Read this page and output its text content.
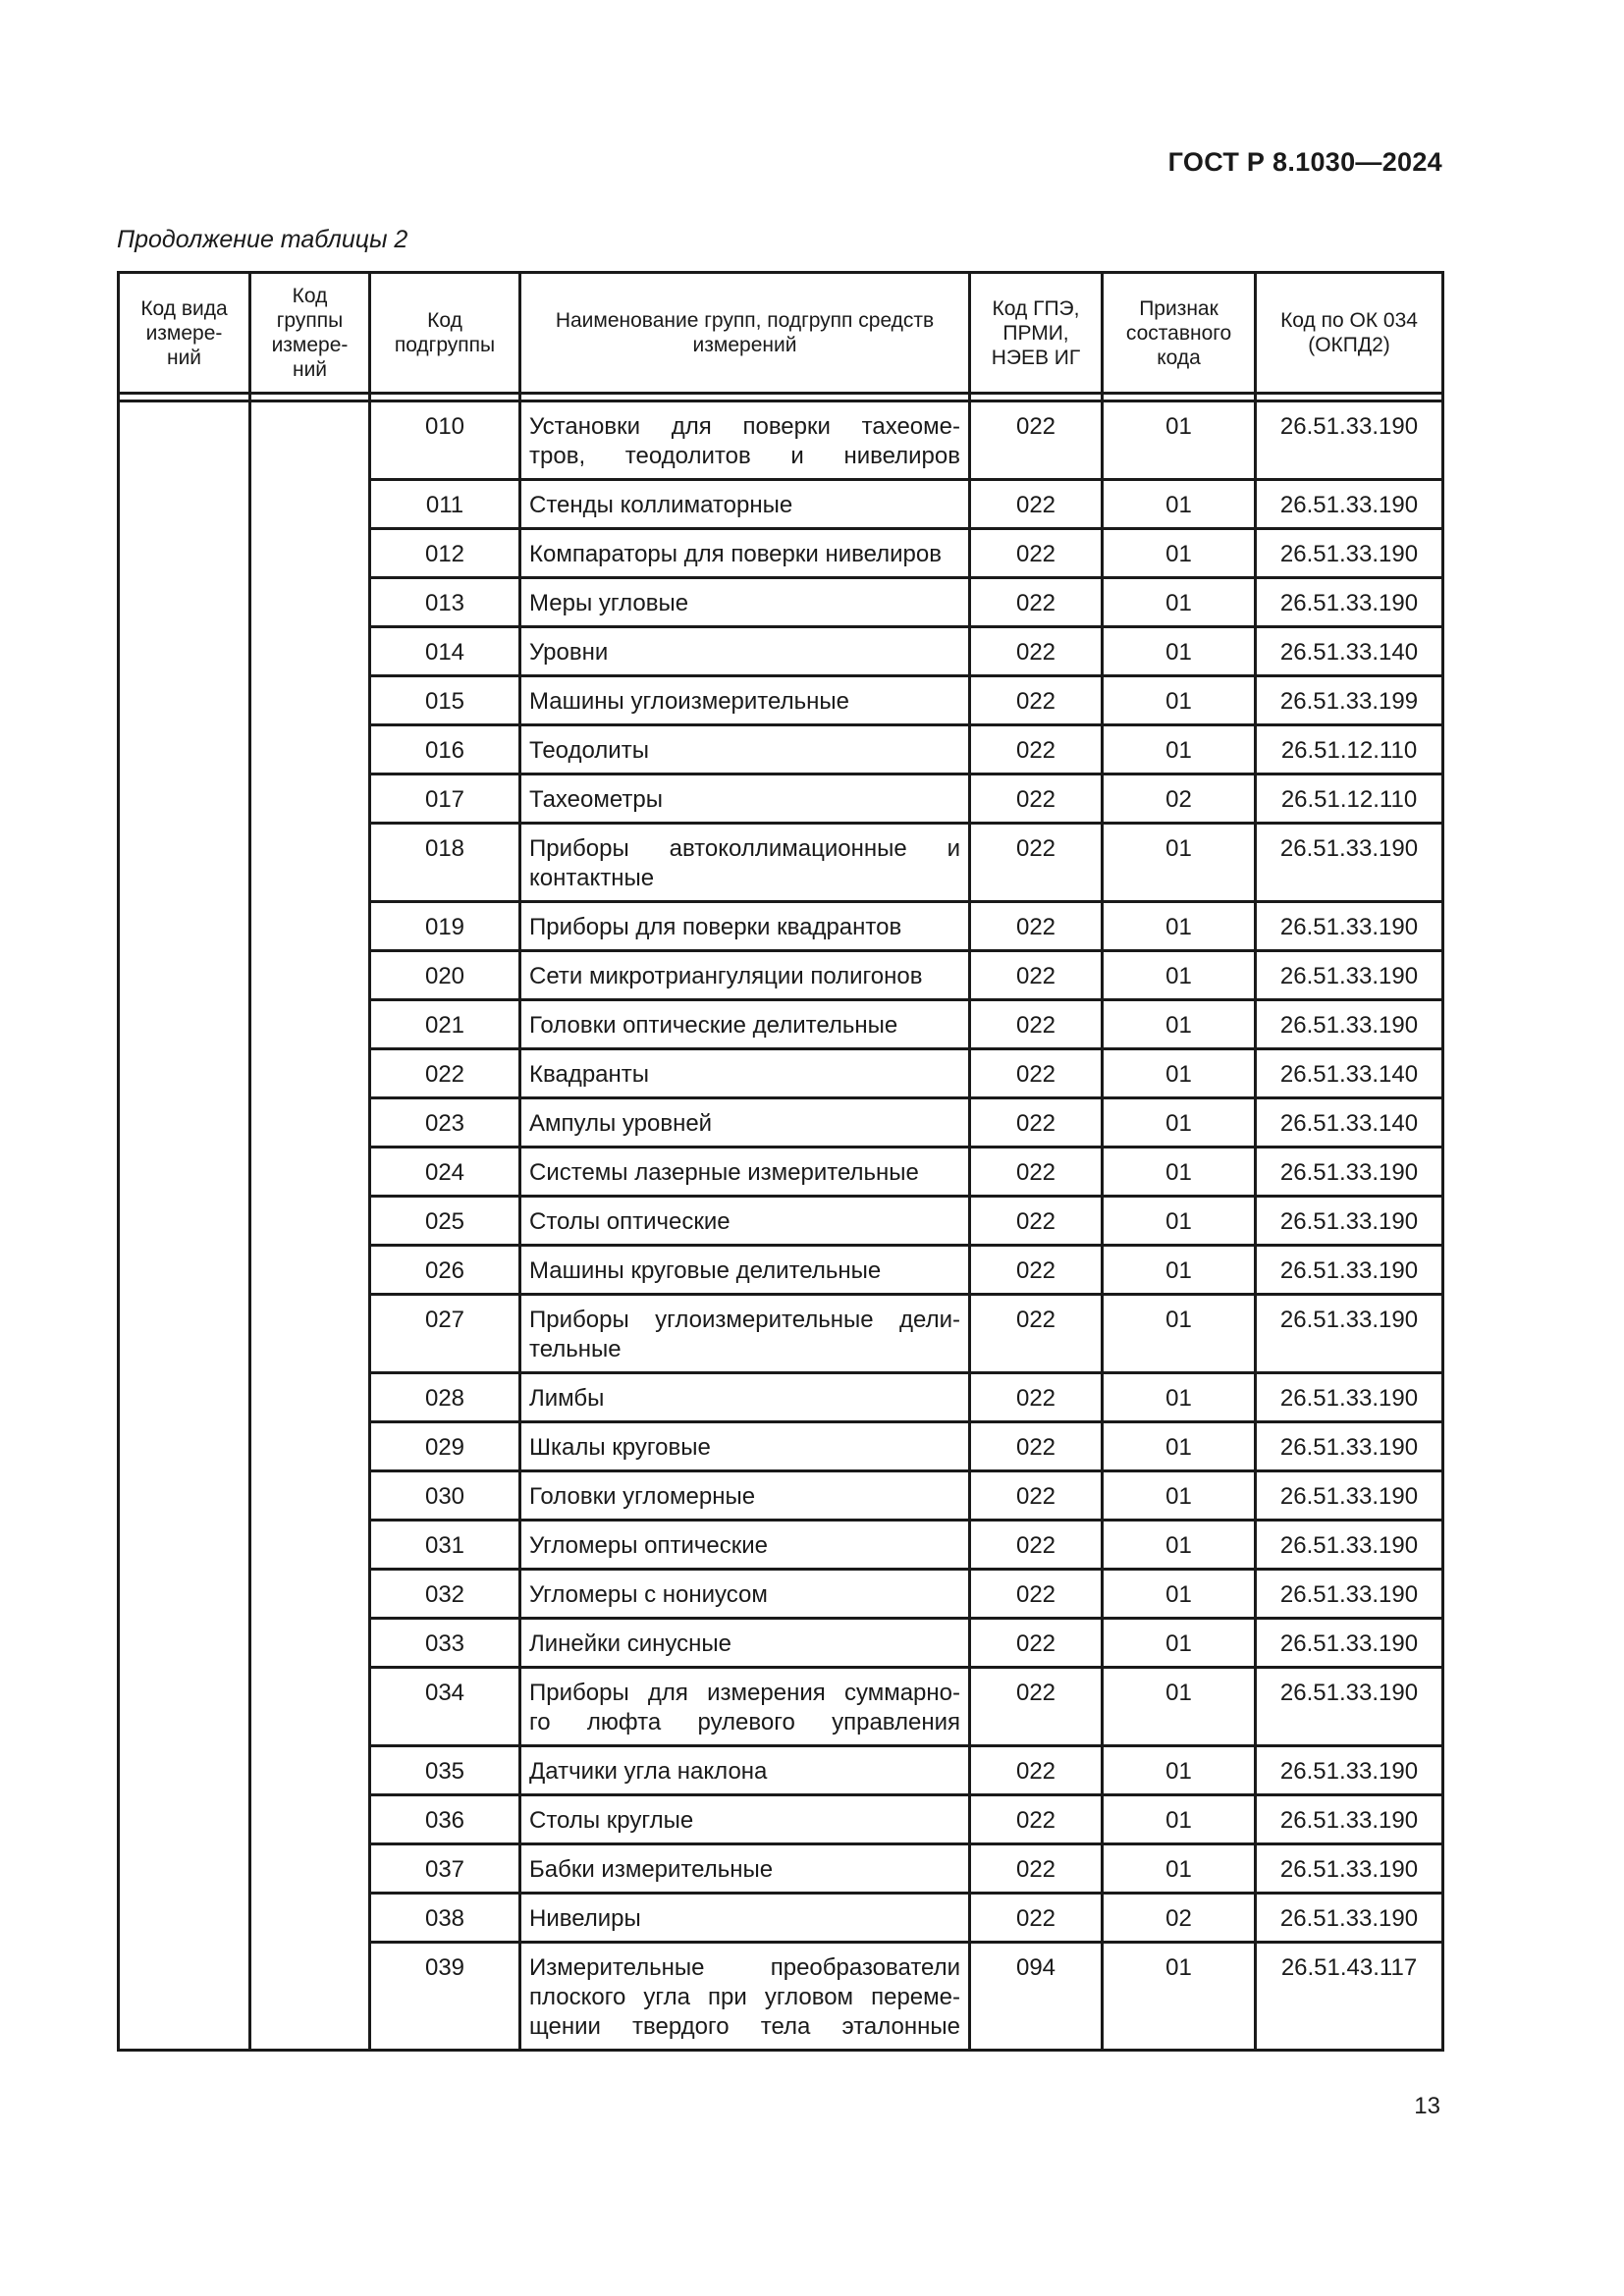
ГОСТ Р 8.1030—2024
Продолжение таблицы 2
Код вида
измере-
ний	Код
группы
измере-
ний	Код
подгруппы	Наименование групп, подгрупп средств
измерений	Код ГПЭ,
ПРМИ,
НЭЕВ ИГ	Признак
составного
кода	Код по ОК 034
(ОКПД2)

		010	Установки для поверки тахеоме-
тров, теодолитов и нивелиров	022	01	26.51.33.190
		011	Стенды коллиматорные	022	01	26.51.33.190
		012	Компараторы для поверки нивелиров	022	01	26.51.33.190
		013	Меры угловые	022	01	26.51.33.190
		014	Уровни	022	01	26.51.33.140
		015	Машины углоизмерительные	022	01	26.51.33.199
		016	Теодолиты	022	01	26.51.12.110
		017	Тахеометры	022	02	26.51.12.110
		018	Приборы автоколлимационные и
контактные	022	01	26.51.33.190
		019	Приборы для поверки квадрантов	022	01	26.51.33.190
		020	Сети микротриангуляции полигонов	022	01	26.51.33.190
		021	Головки оптические делительные	022	01	26.51.33.190
		022	Квадранты	022	01	26.51.33.140
		023	Ампулы уровней	022	01	26.51.33.140
		024	Системы лазерные измерительные	022	01	26.51.33.190
		025	Столы оптические	022	01	26.51.33.190
		026	Машины круговые делительные	022	01	26.51.33.190
		027	Приборы углоизмерительные дели-
тельные	022	01	26.51.33.190
		028	Лимбы	022	01	26.51.33.190
		029	Шкалы круговые	022	01	26.51.33.190
		030	Головки угломерные	022	01	26.51.33.190
		031	Угломеры оптические	022	01	26.51.33.190
		032	Угломеры с нониусом	022	01	26.51.33.190
		033	Линейки синусные	022	01	26.51.33.190
		034	Приборы для измерения суммарно-
го люфта рулевого управления	022	01	26.51.33.190
		035	Датчики угла наклона	022	01	26.51.33.190
		036	Столы круглые	022	01	26.51.33.190
		037	Бабки измерительные	022	01	26.51.33.190
		038	Нивелиры	022	02	26.51.33.190
		039	Измерительные преобразователи
плоского угла при угловом переме-
щении твердого тела эталонные	094	01	26.51.43.117
13
